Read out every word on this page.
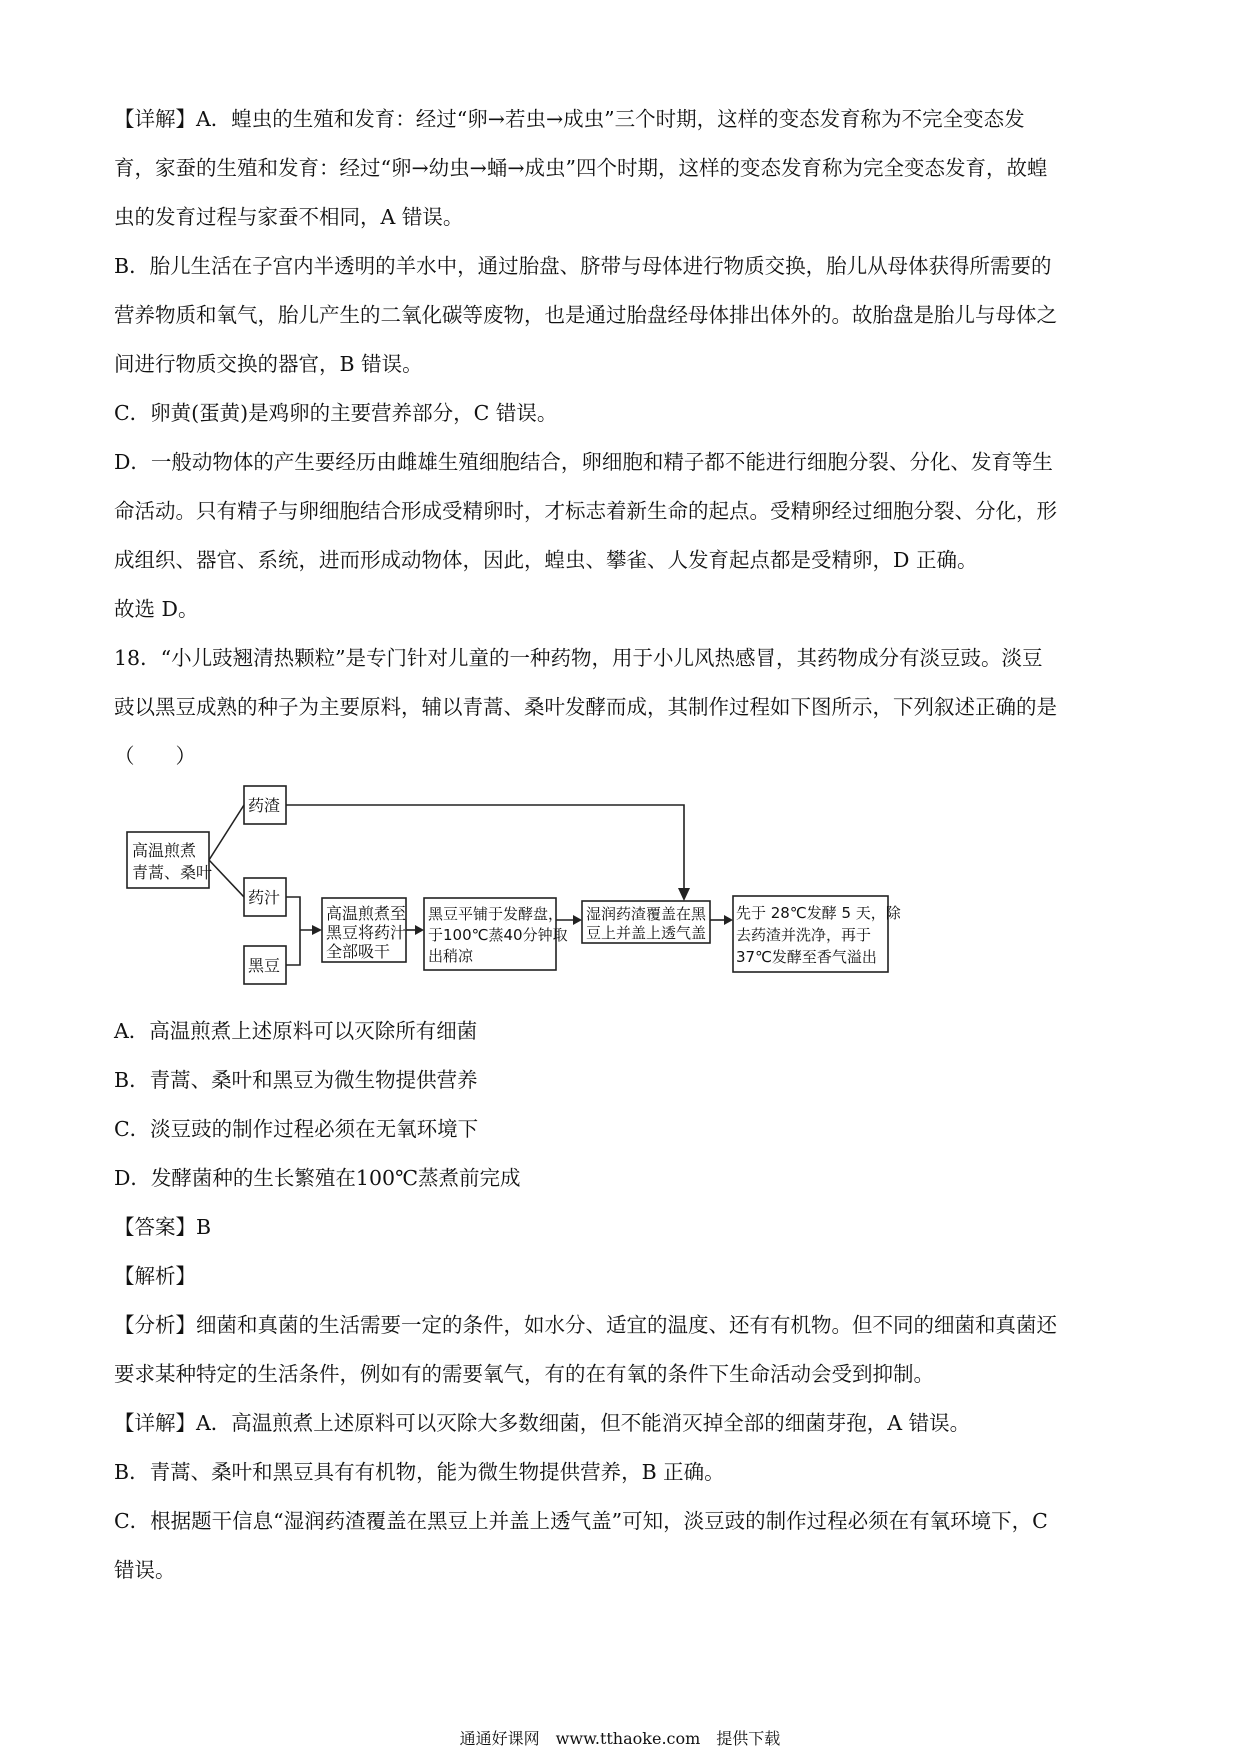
【详解】A．蝗虫的生殖和发育：经过“卵→若虫→成虫”三个时期，这样的变态发育称为不完全变态发

育，家蚕的生殖和发育：经过“卵→幼虫→蛹→成虫”四个时期，这样的变态发育称为完全变态发育，故蝗

虫的发育过程与家蚕不相同，A 错误。

B．胎儿生活在子宫内半透明的羊水中，通过胎盘、脐带与母体进行物质交换，胎儿从母体获得所需要的

营养物质和氧气，胎儿产生的二氧化碳等废物，也是通过胎盘经母体排出体外的。故胎盘是胎儿与母体之

间进行物质交换的器官，B 错误。

C．卵黄(蛋黄)是鸡卵的主要营养部分，C 错误。

D．一般动物体的产生要经历由雌雄生殖细胞结合，卵细胞和精子都不能进行细胞分裂、分化、发育等生

命活动。只有精子与卵细胞结合形成受精卵时，才标志着新生命的起点。受精卵经过细胞分裂、分化，形

成组织、器官、系统，进而形成动物体，因此，蝗虫、攀雀、人发育起点都是受精卵，D 正确。

故选 D。

18．“小儿豉翘清热颗粒”是专门针对儿童的一种药物，用于小儿风热感冒，其药物成分有淡豆豉。淡豆

豉以黑豆成熟的种子为主要原料，辅以青蒿、桑叶发酵而成，其制作过程如下图所示，下列叙述正确的是

（　　）

高温煎煮
青蒿、桑叶
药渣
药汁
黑豆
高温煎煮至
黑豆将药汁
全部吸干
黑豆平铺于发酵盘，
于100℃蒸40分钟取
出稍凉
湿润药渣覆盖在黑
豆上并盖上透气盖
先于 28℃发酵 5 天，除
去药渣并洗净，再于
37℃发酵至香气溢出

A．高温煎煮上述原料可以灭除所有细菌

B．青蒿、桑叶和黑豆为微生物提供营养

C．淡豆豉的制作过程必须在无氧环境下

D．发酵菌种的生长繁殖在100℃蒸煮前完成

【答案】B

【解析】

【分析】细菌和真菌的生活需要一定的条件，如水分、适宜的温度、还有有机物。但不同的细菌和真菌还

要求某种特定的生活条件，例如有的需要氧气，有的在有氧的条件下生命活动会受到抑制。

【详解】A．高温煎煮上述原料可以灭除大多数细菌，但不能消灭掉全部的细菌芽孢，A 错误。

B．青蒿、桑叶和黑豆具有有机物，能为微生物提供营养，B 正确。

C．根据题干信息“湿润药渣覆盖在黑豆上并盖上透气盖”可知，淡豆豉的制作过程必须在有氧环境下，C

错误。

通通好课网　www.tthaoke.com　提供下载
